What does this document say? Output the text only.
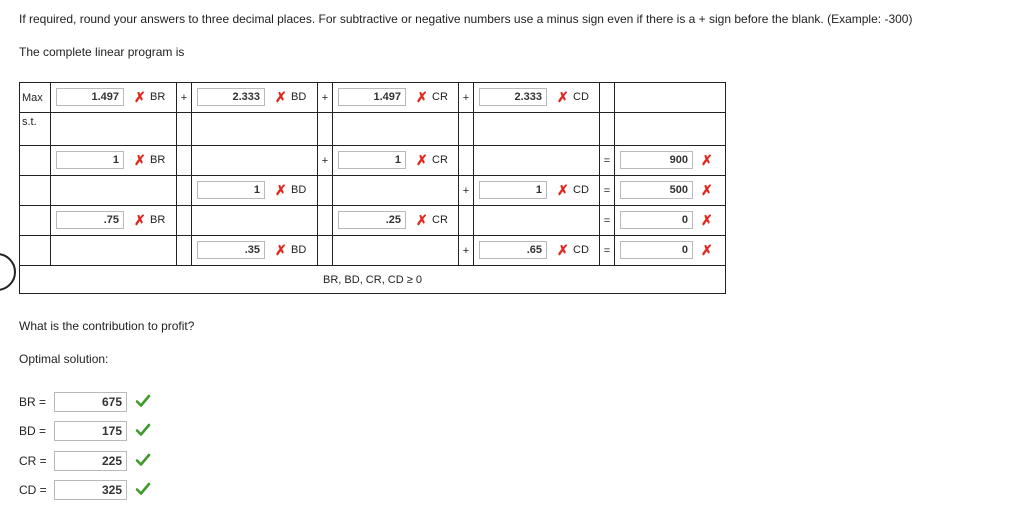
If required, round your answers to three decimal places. For subtractive or negative numbers use a minus sign even if there is a + sign before the blank. (Example: -300)
The complete linear program is
Max	1.497 ✗ BR	+	2.333 ✗ BD	+	1.497 ✗ CR	+	2.333 ✗ CD		

s.t.									

	1 ✗ BR			+	1 ✗ CR			=	900 ✗

			1 ✗ BD			+	1 ✗ CD	=	500 ✗

	.75 ✗ BR				.25 ✗ CR			=	0 ✗

			.35 ✗ BD			+	.65 ✗ CD	=	0 ✗

BR, BD, CR, CD ≥ 0									
What is the contribution to profit?
Optimal solution:
BR =	675
BD =	175
CR =	225
CD =	325
